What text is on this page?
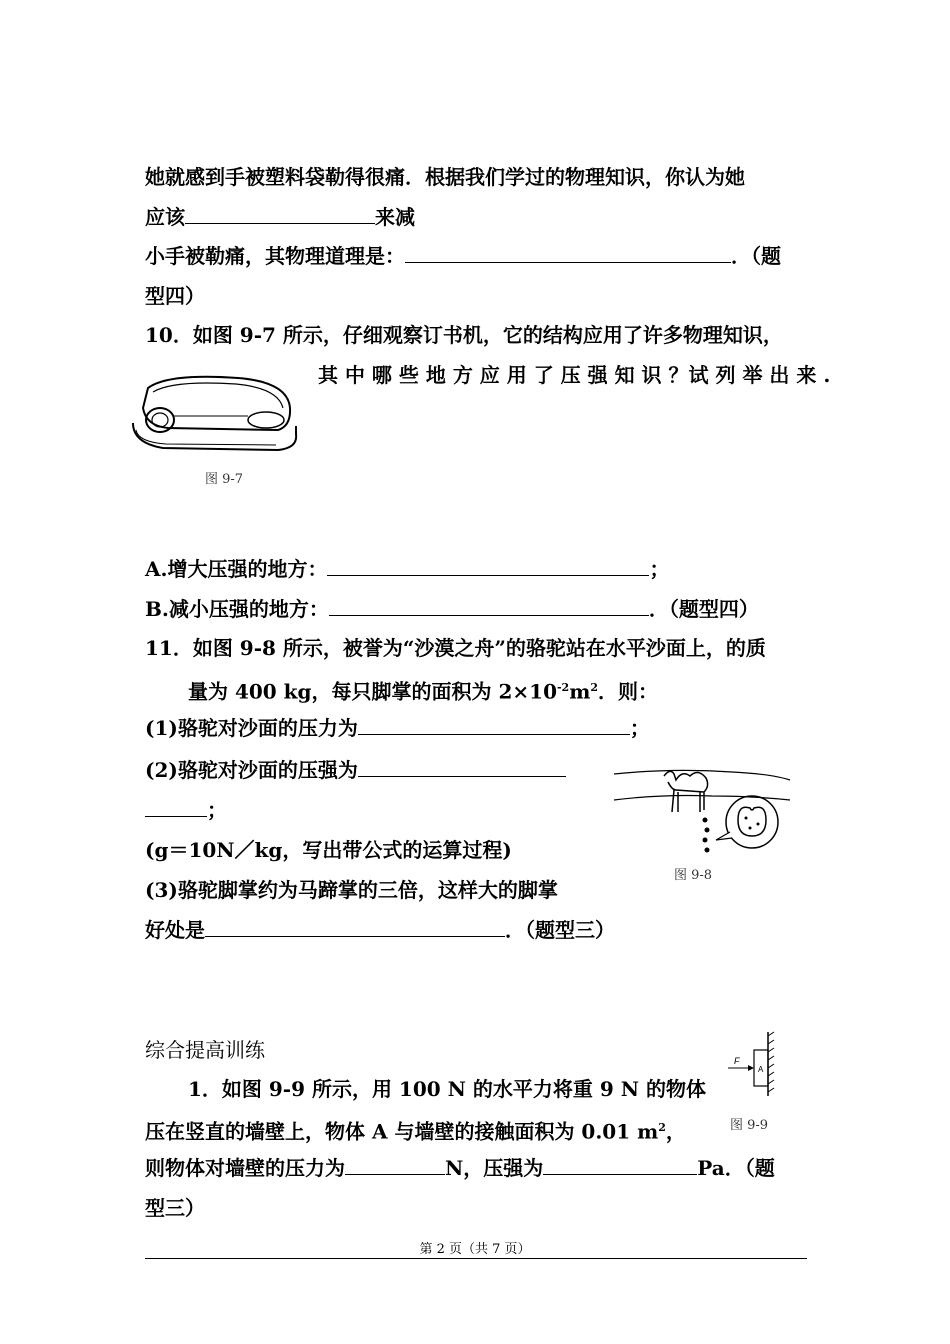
她就感到手被塑料袋勒得很痛．根据我们学过的物理知识，你认为她
应该	来减
小手被勒痛，其物理道理是：	．（题
型四）
10．如图 9-7 所示，仔细观察订书机，它的结构应用了许多物理知识，
其 中 哪 些 地 方 应 用 了 压 强 知 识 ？试 列 举 出 来 .
图 9-7
A.增大压强的地方：	；
B.减小压强的地方：	．（题型四）
11．如图 9-8 所示，被誉为“沙漠之舟”的骆驼站在水平沙面上，的质
量为 400 kg，每只脚掌的面积为 $2\times 10^{-2}m^2$．则：
(1)骆驼对沙面的压力为	；
(2)骆驼对沙面的压强为
；
(g＝10N／kg，写出带公式的运算过程)
(3)骆驼脚掌约为马蹄掌的三倍，这样大的脚掌
好处是	．（题型三）
图 9-8
综合提高训练
1．如图 9-9 所示，用 100 N 的水平力将重 9 N 的物体
压在竖直的墙壁上，物体 A 与墙壁的接触面积为 0.01 $m^2$，
则物体对墙壁的压力为	N，压强为	Pa．（题
型三）
F
A
图 9-9
第 2 页（共 7 页）
